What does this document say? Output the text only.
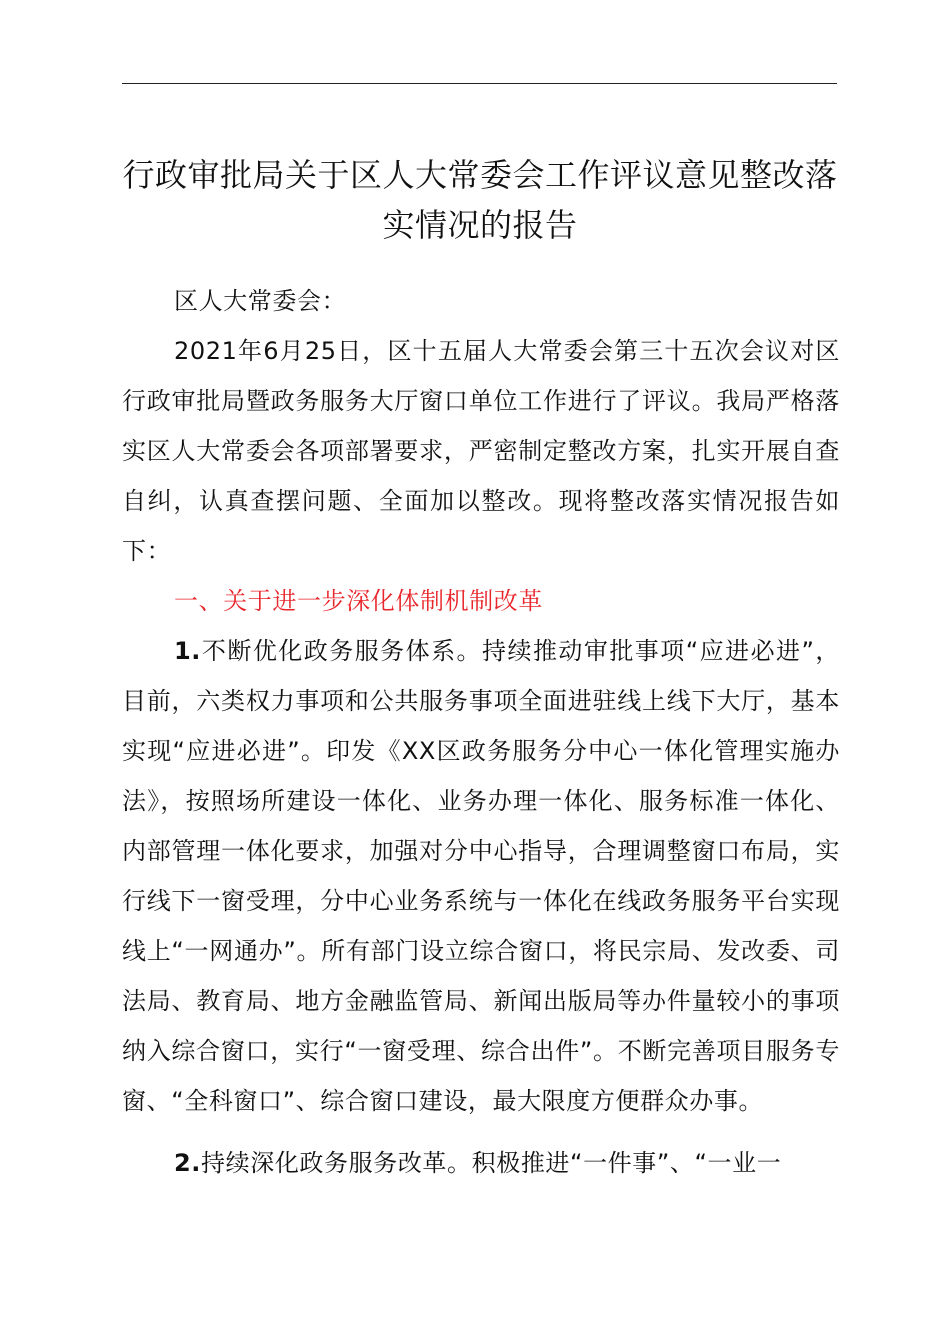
行政审批局关于区人大常委会工作评议意见整改落实情况的报告

区人大常委会：

2021年6月25日，区十五届人大常委会第三十五次会议对区行政审批局暨政务服务大厅窗口单位工作进行了评议。我局严格落实区人大常委会各项部署要求，严密制定整改方案，扎实开展自查自纠，认真查摆问题、全面加以整改。现将整改落实情况报告如下：

一、关于进一步深化体制机制改革

1.不断优化政务服务体系。持续推动审批事项“应进必进”，目前，六类权力事项和公共服务事项全面进驻线上线下大厅，基本实现“应进必进”。印发《XX区政务服务分中心一体化管理实施办法》，按照场所建设一体化、业务办理一体化、服务标准一体化、内部管理一体化要求，加强对分中心指导，合理调整窗口布局，实行线下一窗受理，分中心业务系统与一体化在线政务服务平台实现线上“一网通办”。所有部门设立综合窗口，将民宗局、发改委、司法局、教育局、地方金融监管局、新闻出版局等办件量较小的事项纳入综合窗口，实行“一窗受理、综合出件”。不断完善项目服务专窗、“全科窗口”、综合窗口建设，最大限度方便群众办事。

2.持续深化政务服务改革。积极推进“一件事”、“一业一
